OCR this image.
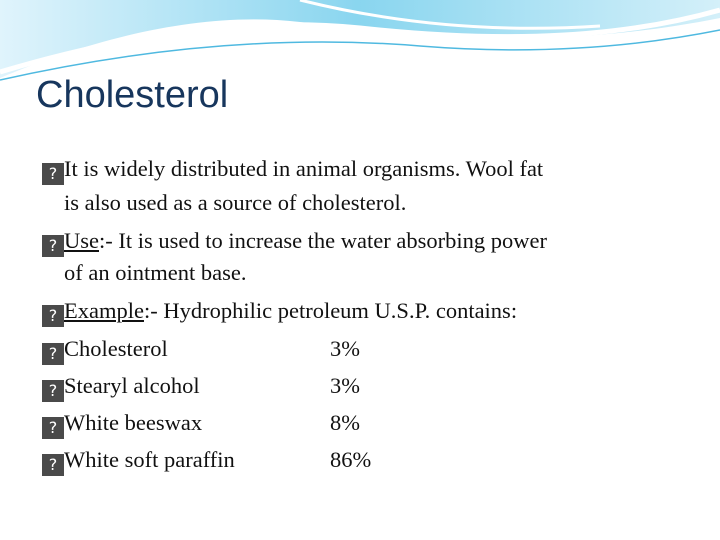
Cholesterol
? It is widely distributed in animal organisms. Wool fat
is also used as a source of cholesterol.
? Use:- It is used to increase the water absorbing power
of an ointment base.
? Example:- Hydrophilic petroleum U.S.P. contains:
? Cholesterol	3%
? Stearyl alcohol	3%
? White beeswax	8%
? White soft paraffin	86%
